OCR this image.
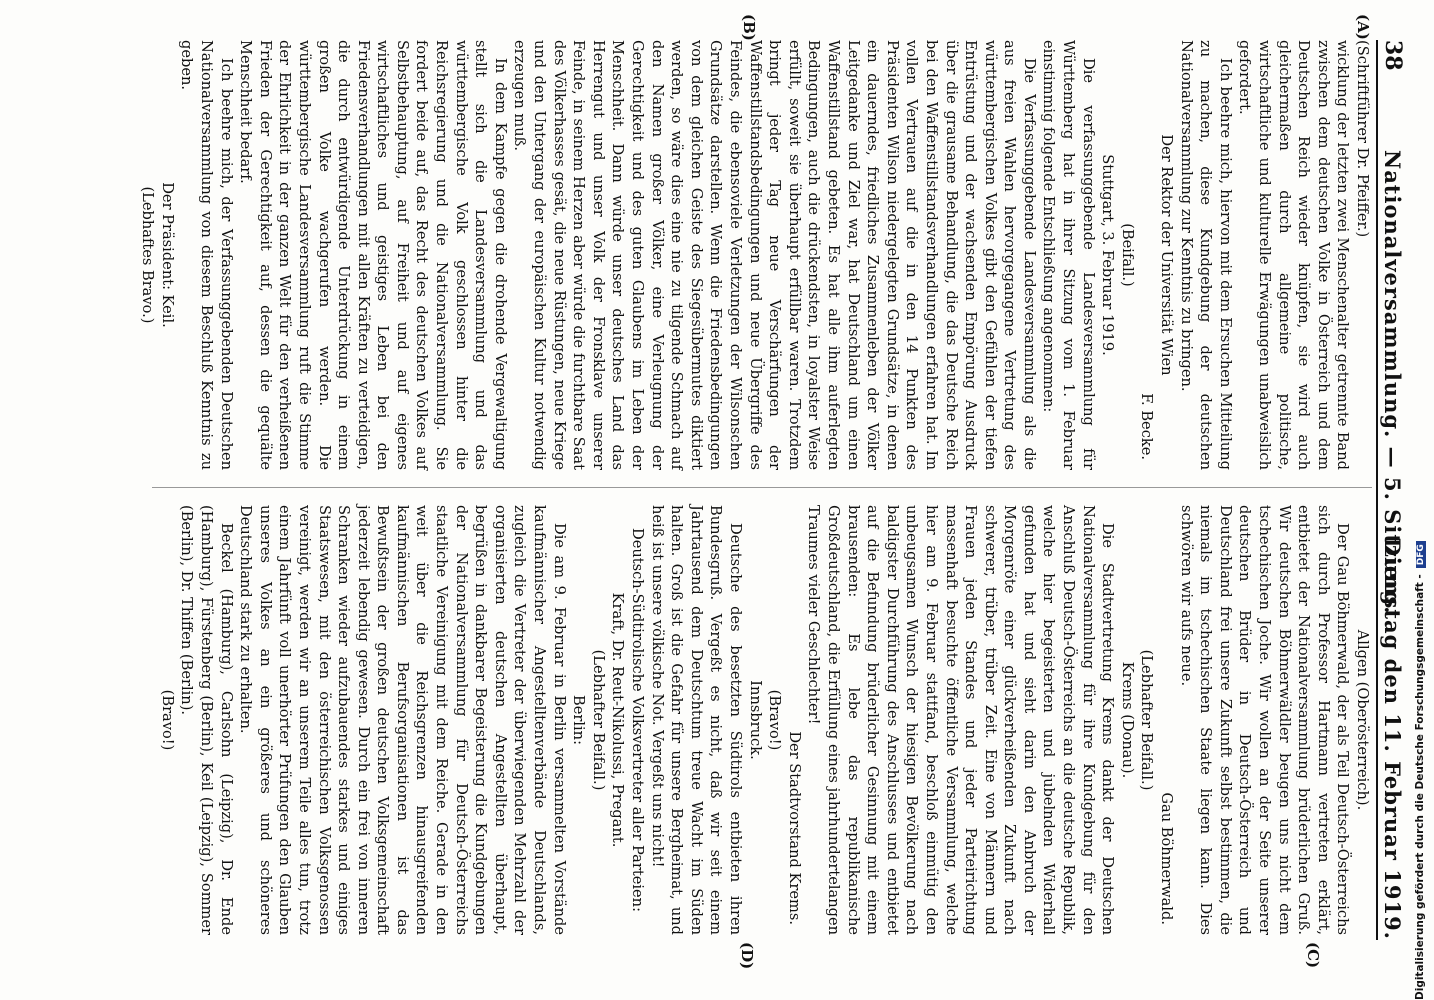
38
Nationalversammlung. — 5. Sitzung.
Dienstag den 11. Februar 1919.
(A)
(B)
(C)
(D)

(Schriftführer Dr. Pfeiffer.)

wicklung der letzten zwei Menschenalter getrennte Band zwischen dem deutschen Volke in Österreich und dem Deutschen Reich wieder knüpfen, sie wird auch gleichermaßen durch allgemeine politische, wirtschaftliche und kulturelle Erwägungen unabweislich gefordert.

Ich beehre mich, hiervon mit dem Ersuchen Mitteilung zu machen, diese Kundgebung der deutschen Nationalversammlung zur Kenntnis zu bringen.

Der Rektor der Universität Wien

F. Becke.

(Beifall.)

Stuttgart, 3. Februar 1919.

Die verfassunggebende Landesversammlung für Württemberg hat in ihrer Sitzung vom 1. Februar einstimmig folgende Entschließung angenommen:

Die Verfassunggebende Landesversammlung als die aus freien Wahlen hervorgegangene Vertretung des württembergischen Volkes gibt den Gefühlen der tiefen Entrüstung und der wachsenden Empörung Ausdruck über die grausame Behandlung, die das Deutsche Reich bei den Waffenstillstandsverhandlungen erfahren hat. Im vollen Vertrauen auf die in den 14 Punkten des Präsidenten Wilson niedergelegten Grundsätze, in denen ein dauerndes, friedliches Zusammenleben der Völker Leitgedanke und Ziel war, hat Deutschland um einen Waffenstillstand gebeten. Es hat alle ihm auferlegten Bedingungen, auch die drückendsten, in loyalster Weise erfüllt, soweit sie überhaupt erfüllbar waren. Trotzdem bringt jeder Tag neue Verschärfungen der Waffenstillstandsbedingungen und neue Übergriffe des Feindes, die ebensoviele Verletzungen der Wilsonschen Grundsätze darstellen. Wenn die Friedensbedingungen von dem gleichen Geiste des Siegesübermutes diktiert werden, so wäre dies eine nie zu tilgende Schmach auf den Namen großer Völker, eine Verleugnung der Gerechtigkeit und des guten Glaubens im Leben der Menschheit. Dann würde unser deutsches Land das Herrengut und unser Volk der Fronsklave unserer Feinde, in seinem Herzen aber würde die furchtbare Saat des Völkerhasses gesät, die neue Rüstungen, neue Kriege und den Untergang der europäischen Kultur notwendig erzeugen muß.

In dem Kampfe gegen die drohende Vergewaltigung stellt sich die Landesversammlung und das württembergische Volk geschlossen hinter die Reichsregierung und die Nationalversammlung. Sie fordert beide auf, das Recht des deutschen Volkes auf Selbstbehauptung, auf Freiheit und auf eigenes wirtschaftliches und geistiges Leben bei den Friedensverhandlungen mit allen Kräften zu verteidigen, die durch entwürdigende Unterdrückung in einem großen Volke wachgerufen werden. Die württembergische Landesversammlung ruft die Stimme der Ehrlichkeit in der ganzen Welt für den verheißenen Frieden der Gerechtigkeit auf, dessen die gequälte Menschheit bedarf.

Ich beehre mich, der Verfassunggebenden Deutschen Nationalversammlung von diesem Beschluß Kenntnis zu geben.

Der Präsident: Keil.

(Lebhaftes Bravo.)

Allgen (Oberösterreich).

Der Gau Böhmerwald, der als Teil Deutsch-Österreichs sich durch Professor Hartmann vertreten erklärt, entbietet der Nationalversammlung brüderlichen Gruß. Wir deutschen Böhmerwäldler beugen uns nicht dem tschechischen Joche. Wir wollen an der Seite unserer deutschen Brüder in Deutsch-Österreich und Deutschland frei unsere Zukunft selbst bestimmen, die niemals im tschechischen Staate liegen kann. Dies schwören wir aufs neue.

Gau Böhmerwald.

(Lebhafter Beifall.)

Krems (Donau).

Die Stadtvertretung Krems dankt der Deutschen Nationalversammlung für ihre Kundgebung für den Anschluß Deutsch-Österreichs an die deutsche Republik, welche hier begeisterten und jubelnden Widerhall gefunden hat und sieht darin den Anbruch der Morgenröte einer glückverheißenden Zukunft nach schwerer, trüber, trüber Zeit. Eine von Männern und Frauen jeden Standes und jeder Parteirichtung massenhaft besuchte öffentliche Versammlung, welche hier am 9. Februar stattfand, beschloß einmütig den unbeugsamen Wunsch der hiesigen Bevölkerung nach baldigster Durchführung des Anschlusses und entbietet auf die Befundung brüderlicher Gesinnung mit einem brausenden: Es lebe das republikanische Großdeutschland, die Erfüllung eines jahrhundertelangen Traumes vieler Geschlechter!

Der Stadtvorstand Krems.

(Bravo!)

Innsbruck.

Deutsche des besetzten Südtirols entbieten ihren Bundesgruß. Vergeßt es nicht, daß wir seit einem Jahrtausend dem Deutschtum treue Wacht im Süden halten. Groß ist die Gefahr für unsere Bergheimat, und heiß ist unsere völkische Not. Vergeßt uns nicht!

Deutsch-Südtirolische Volksvertreter aller Parteien:

Kraft, Dr. Reut-Nikolussi, Pregant.

(Lebhafter Beifall.)

Berlin:

Die am 9. Februar in Berlin versammelten Vorstände kaufmännischer Angestelltenverbände Deutschlands, zugleich die Vertreter der überwiegenden Mehrzahl der organisierten deutschen Angestellten überhaupt, begrüßen in dankbarer Begeisterung die Kundgebungen der Nationalversammlung für Deutsch-Österreichs staatliche Vereinigung mit dem Reiche. Gerade in den weit über die Reichsgrenzen hinausgreifenden kaufmännischen Berufsorganisationen ist das Bewußtsein der großen deutschen Volksgemeinschaft jederzeit lebendig gewesen. Durch ein frei von inneren Schranken wieder aufzubauendes starkes und einiges Staatswesen, mit den österreichischen Volksgenossen vereinigt, werden wir an unserem Teile alles tun, trotz einem Jahrfünft voll unerhörter Prüfungen den Glauben unseres Volkes an ein größeres und schöneres Deutschland stark zu erhalten.

Beckel (Hamburg), Carlsohn (Leipzig), Dr. Ende (Hamburg), Fürstenberg (Berlin), Keil (Leipzig), Sommer (Berlin), Dr. Thiffen (Berlin).

(Bravo!)	Digitalisierung gefördert durch die Deutsche Forschungsgemeinschaft -DFG
